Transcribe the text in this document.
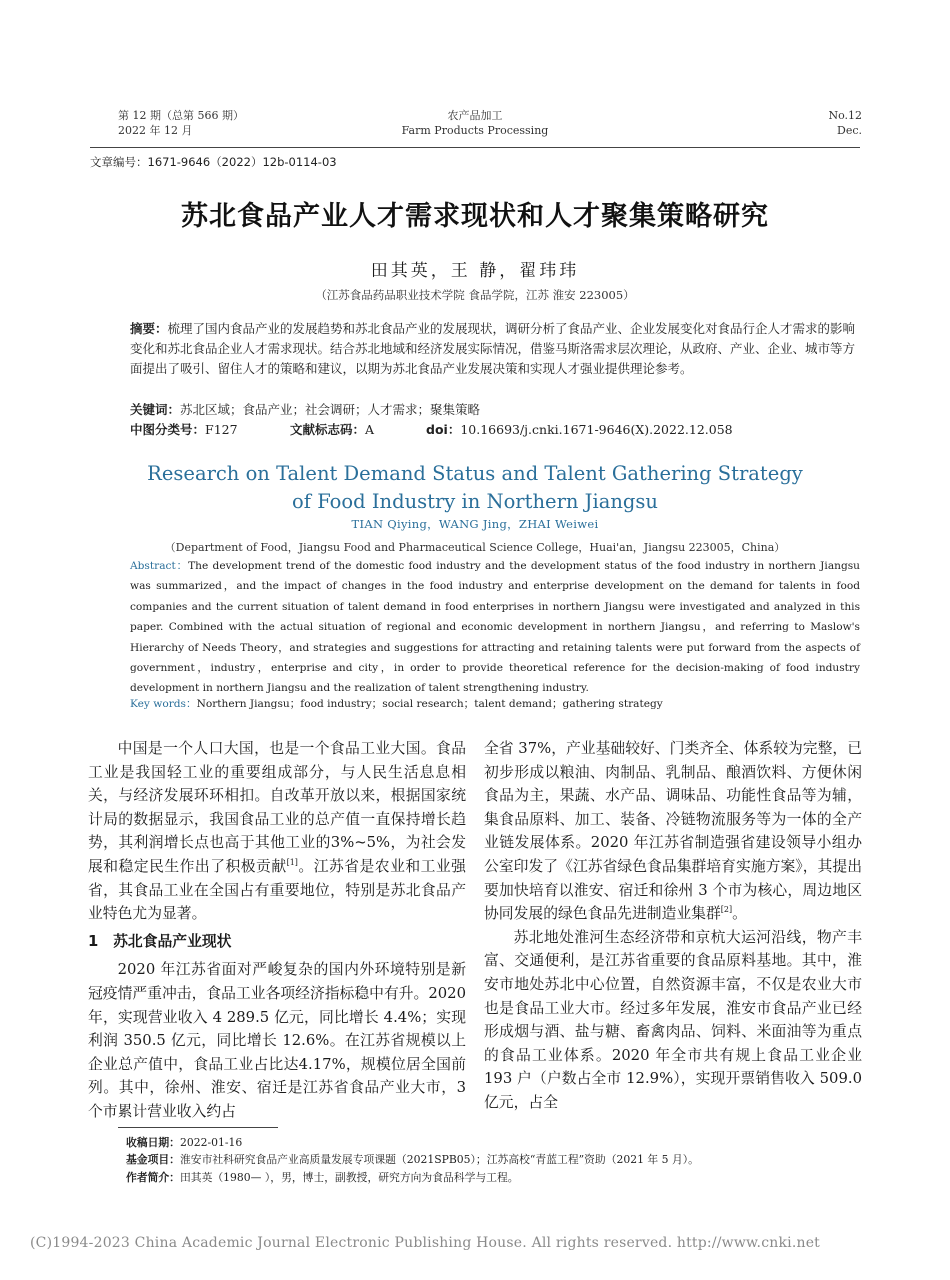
第 12 期（总第 566 期）
2022 年 12 月
农产品加工
Farm Products Processing
No.12
Dec.
文章编号：1671-9646（2022）12b-0114-03
苏北食品产业人才需求现状和人才聚集策略研究
田其英，王 静，翟玮玮
（江苏食品药品职业技术学院 食品学院，江苏 淮安 223005）
摘要：梳理了国内食品产业的发展趋势和苏北食品产业的发展现状，调研分析了食品产业、企业发展变化对食品行企人才需求的影响变化和苏北食品企业人才需求现状。结合苏北地域和经济发展实际情况，借鉴马斯洛需求层次理论，从政府、产业、企业、城市等方面提出了吸引、留住人才的策略和建议，以期为苏北食品产业发展决策和实现人才强业提供理论参考。
关键词：苏北区域；食品产业；社会调研；人才需求；聚集策略
中图分类号：F127	文献标志码：A	doi：10.16693/j.cnki.1671-9646(X).2022.12.058
Research on Talent Demand Status and Talent Gathering Strategy
of Food Industry in Northern Jiangsu
TIAN Qiying，WANG Jing，ZHAI Weiwei
（Department of Food，Jiangsu Food and Pharmaceutical Science College，Huai'an，Jiangsu 223005，China）
Abstract：The development trend of the domestic food industry and the development status of the food industry in northern Jiangsu was summarized，and the impact of changes in the food industry and enterprise development on the demand for talents in food companies and the current situation of talent demand in food enterprises in northern Jiangsu were investigated and analyzed in this paper. Combined with the actual situation of regional and economic development in northern Jiangsu，and referring to Maslow's Hierarchy of Needs Theory，and strategies and suggestions for attracting and retaining talents were put forward from the aspects of government，industry，enterprise and city，in order to provide theoretical reference for the decision-making of food industry development in northern Jiangsu and the realization of talent strengthening industry.
Key words：Northern Jiangsu；food industry；social research；talent demand；gathering strategy

中国是一个人口大国，也是一个食品工业大国。食品工业是我国轻工业的重要组成部分，与人民生活息息相关，与经济发展环环相扣。自改革开放以来，根据国家统计局的数据显示，我国食品工业的总产值一直保持增长趋势，其利润增长点也高于其他工业的3%~5%，为社会发展和稳定民生作出了积极贡献[1]。江苏省是农业和工业强省，其食品工业在全国占有重要地位，特别是苏北食品产业特色尤为显著。

1　苏北食品产业现状

2020 年江苏省面对严峻复杂的国内外环境特别是新冠疫情严重冲击，食品工业各项经济指标稳中有升。2020 年，实现营业收入 4 289.5 亿元，同比增长 4.4%；实现利润 350.5 亿元，同比增长 12.6%。在江苏省规模以上企业总产值中，食品工业占比达4.17%，规模位居全国前列。其中，徐州、淮安、宿迁是江苏省食品产业大市，3 个市累计营业收入约占

全省 37%，产业基础较好、门类齐全、体系较为完整，已初步形成以粮油、肉制品、乳制品、酿酒饮料、方便休闲食品为主，果蔬、水产品、调味品、功能性食品等为辅，集食品原料、加工、装备、冷链物流服务等为一体的全产业链发展体系。2020 年江苏省制造强省建设领导小组办公室印发了《江苏省绿色食品集群培育实施方案》，其提出要加快培育以淮安、宿迁和徐州 3 个市为核心，周边地区协同发展的绿色食品先进制造业集群[2]。

苏北地处淮河生态经济带和京杭大运河沿线，物产丰富、交通便利，是江苏省重要的食品原料基地。其中，淮安市地处苏北中心位置，自然资源丰富，不仅是农业大市也是食品工业大市。经过多年发展，淮安市食品产业已经形成烟与酒、盐与糖、畜禽肉品、饲料、米面油等为重点的食品工业体系。2020 年全市共有规上食品工业企业 193 户（户数占全市 12.9%），实现开票销售收入 509.0 亿元，占全

收稿日期：2022-01-16
基金项目：淮安市社科研究食品产业高质量发展专项课题（2021SPB05）；江苏高校“青蓝工程”资助（2021 年 5 月）。
作者简介：田其英（1980— ），男，博士，副教授，研究方向为食品科学与工程。
(C)1994-2023 China Academic Journal Electronic Publishing House. All rights reserved. http://www.cnki.net
